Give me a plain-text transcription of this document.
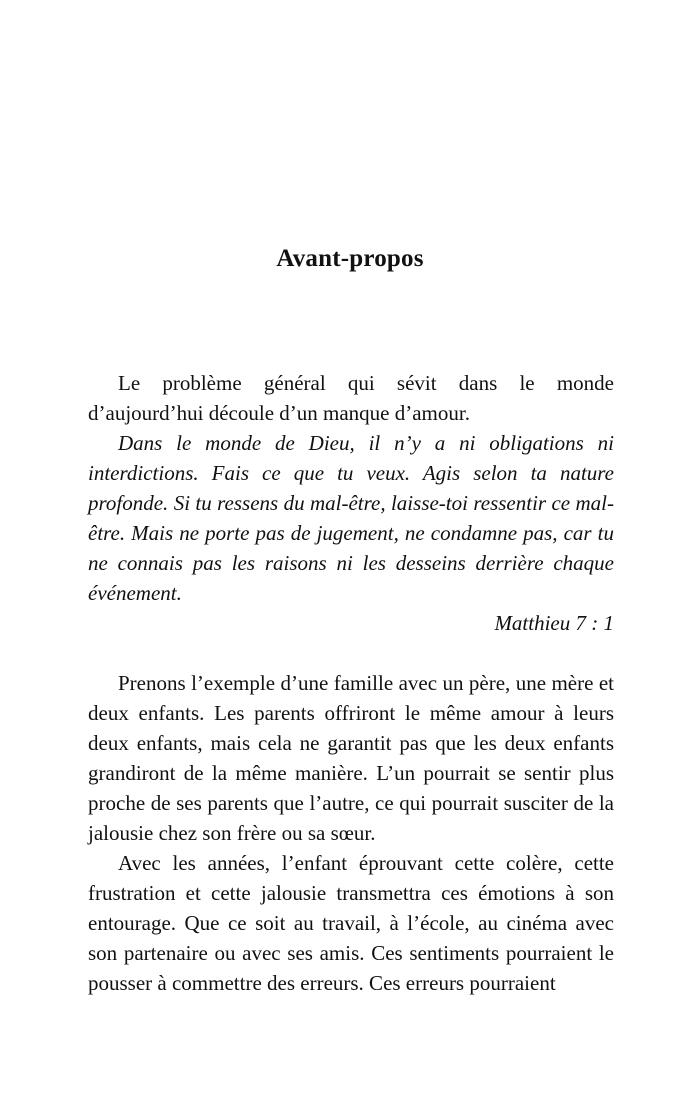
Avant-propos

Le problème général qui sévit dans le monde d’aujourd’hui découle d’un manque d’amour.

Dans le monde de Dieu, il n’y a ni obligations ni interdictions. Fais ce que tu veux. Agis selon ta nature profonde. Si tu ressens du mal-être, laisse-toi ressentir ce mal-être. Mais ne porte pas de jugement, ne condamne pas, car tu ne connais pas les raisons ni les desseins derrière chaque événement.

Matthieu 7 : 1

Prenons l’exemple d’une famille avec un père, une mère et deux enfants. Les parents offriront le même amour à leurs deux enfants, mais cela ne garantit pas que les deux enfants grandiront de la même manière. L’un pourrait se sentir plus proche de ses parents que l’autre, ce qui pourrait susciter de la jalousie chez son frère ou sa sœur.

Avec les années, l’enfant éprouvant cette colère, cette frustration et cette jalousie transmettra ces émotions à son entourage. Que ce soit au travail, à l’école, au cinéma avec son partenaire ou avec ses amis. Ces sentiments pourraient le pousser à commettre des erreurs. Ces erreurs pourraient
